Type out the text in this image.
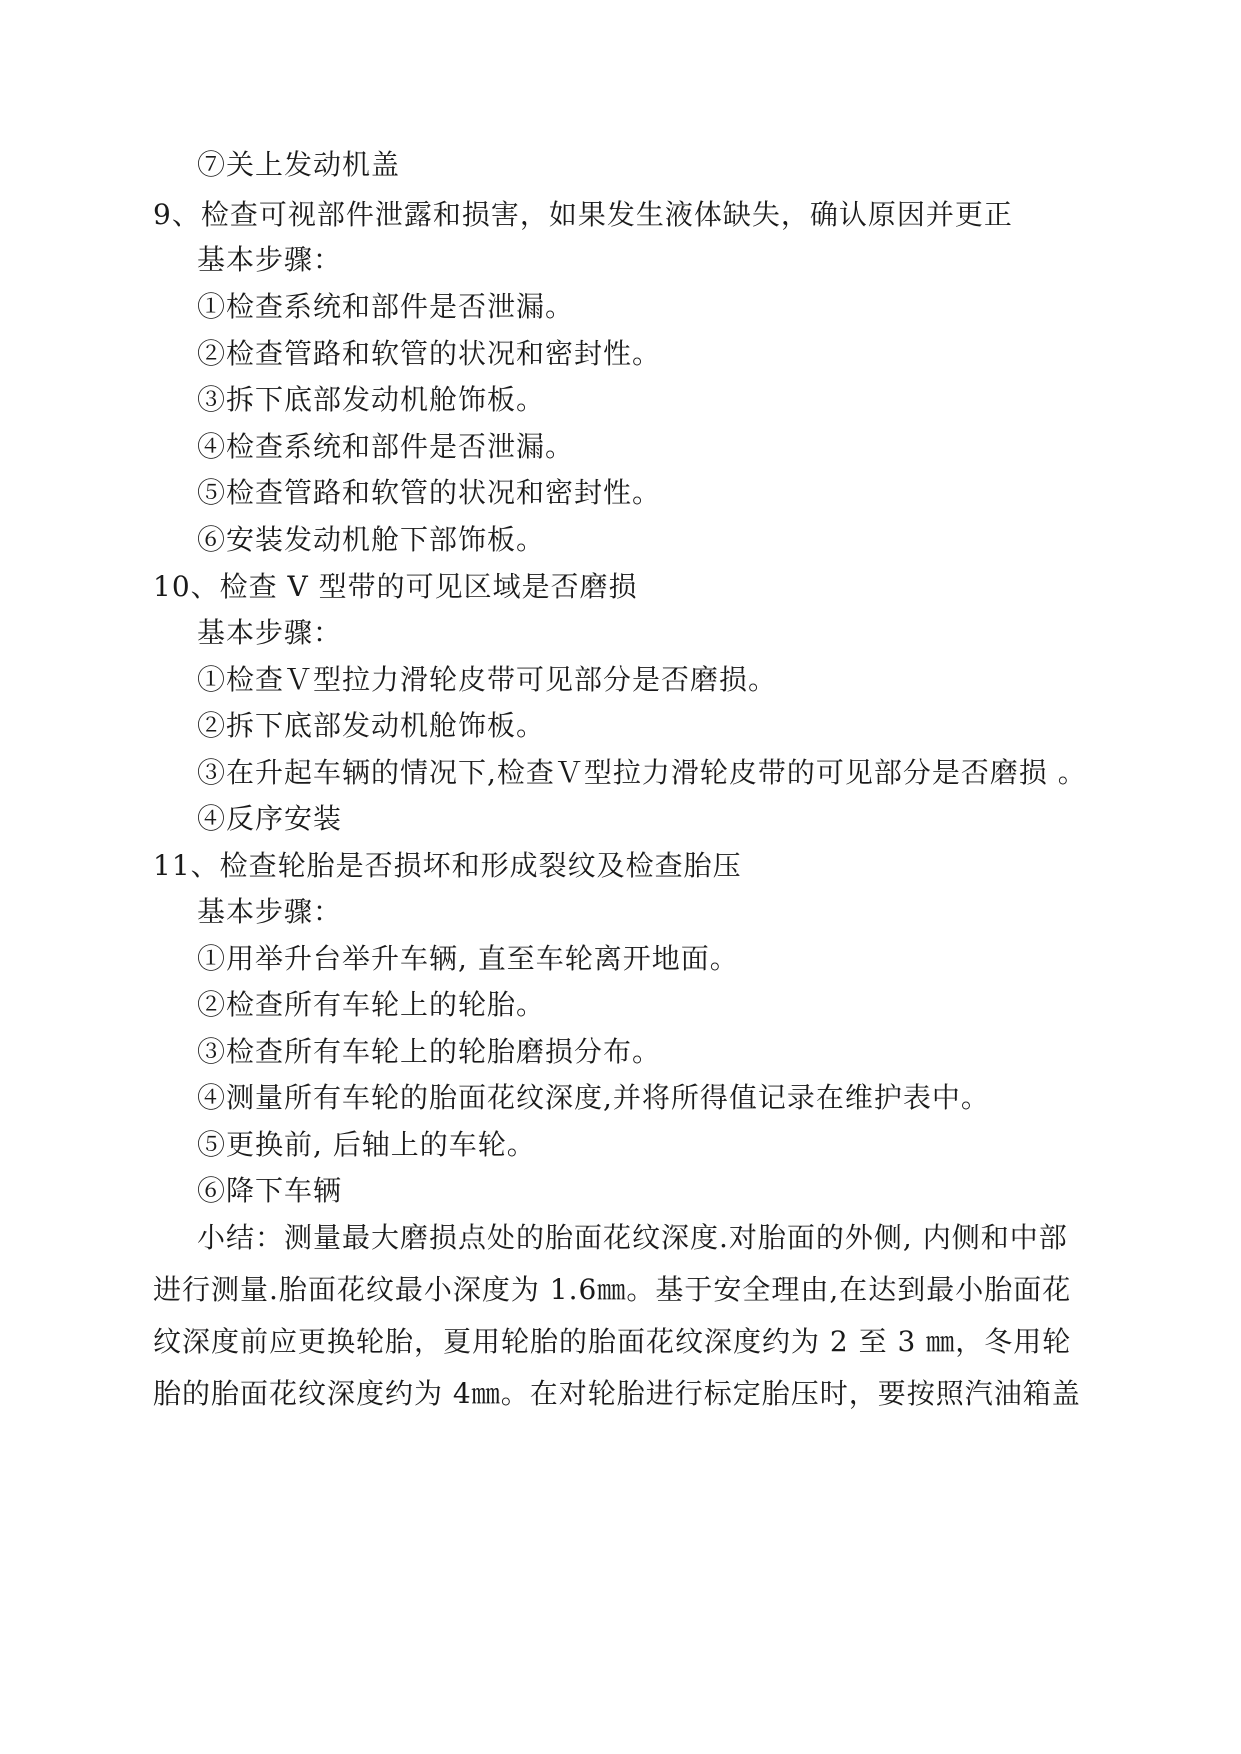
⑦关上发动机盖
9、检查可视部件泄露和损害，如果发生液体缺失，确认原因并更正
基本步骤：
①检查系统和部件是否泄漏。
②检查管路和软管的状况和密封性。
③拆下底部发动机舱饰板。
④检查系统和部件是否泄漏。
⑤检查管路和软管的状况和密封性。
⑥安装发动机舱下部饰板。
10、检查 V 型带的可见区域是否磨损
基本步骤：
①检查Ｖ型拉力滑轮皮带可见部分是否磨损。
②拆下底部发动机舱饰板。
③在升起车辆的情况下,检查Ｖ型拉力滑轮皮带的可见部分是否磨损 。
④反序安装
11、检查轮胎是否损坏和形成裂纹及检查胎压
基本步骤：
①用举升台举升车辆, 直至车轮离开地面。
②检查所有车轮上的轮胎。
③检查所有车轮上的轮胎磨损分布。
④测量所有车轮的胎面花纹深度,并将所得值记录在维护表中。
⑤更换前, 后轴上的车轮。
⑥降下车辆
小结：测量最大磨损点处的胎面花纹深度.对胎面的外侧, 内侧和中部
进行测量.胎面花纹最小深度为 1.6㎜。基于安全理由,在达到最小胎面花
纹深度前应更换轮胎，夏用轮胎的胎面花纹深度约为 2 至 3 ㎜，冬用轮
胎的胎面花纹深度约为 4㎜。在对轮胎进行标定胎压时，要按照汽油箱盖
